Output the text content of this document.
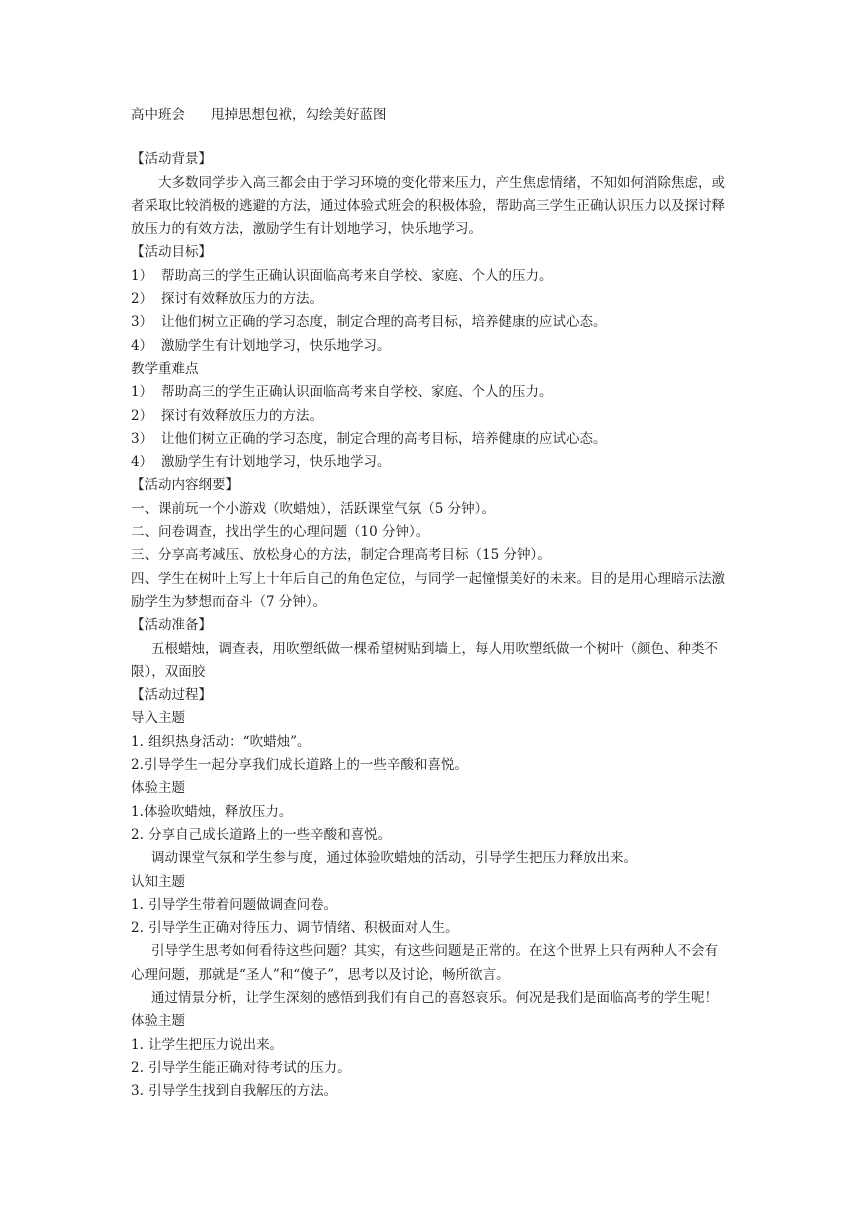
高中班会 甩掉思想包袱，勾绘美好蓝图

【活动背景】

大多数同学步入高三都会由于学习环境的变化带来压力，产生焦虑情绪，不知如何消除焦虑，或者采取比较消极的逃避的方法，通过体验式班会的积极体验，帮助高三学生正确认识压力以及探讨释放压力的有效方法，激励学生有计划地学习，快乐地学习。

【活动目标】

1） 帮助高三的学生正确认识面临高考来自学校、家庭、个人的压力。

2） 探讨有效释放压力的方法。

3） 让他们树立正确的学习态度，制定合理的高考目标，培养健康的应试心态。

4） 激励学生有计划地学习，快乐地学习。

教学重难点

1） 帮助高三的学生正确认识面临高考来自学校、家庭、个人的压力。

2） 探讨有效释放压力的方法。

3） 让他们树立正确的学习态度，制定合理的高考目标，培养健康的应试心态。

4） 激励学生有计划地学习，快乐地学习。

【活动内容纲要】

一、课前玩一个小游戏（吹蜡烛），活跃课堂气氛（5 分钟）。

二、问卷调查，找出学生的心理问题（10 分钟）。

三、分享高考减压、放松身心的方法，制定合理高考目标（15 分钟）。

四、学生在树叶上写上十年后自己的角色定位，与同学一起憧憬美好的未来。目的是用心理暗示法激励学生为梦想而奋斗（7 分钟）。

【活动准备】

五根蜡烛，调查表，用吹塑纸做一棵希望树贴到墙上，每人用吹塑纸做一个树叶（颜色、种类不限），双面胶

【活动过程】

导入主题

1. 组织热身活动：“吹蜡烛”。

2.引导学生一起分享我们成长道路上的一些辛酸和喜悦。

体验主题

1.体验吹蜡烛，释放压力。

2. 分享自己成长道路上的一些辛酸和喜悦。

调动课堂气氛和学生参与度，通过体验吹蜡烛的活动，引导学生把压力释放出来。

认知主题

1. 引导学生带着问题做调查问卷。

2. 引导学生正确对待压力、调节情绪、积极面对人生。

引导学生思考如何看待这些问题？其实，有这些问题是正常的。在这个世界上只有两种人不会有心理问题，那就是“圣人”和“傻子”，思考以及讨论，畅所欲言。

通过情景分析，让学生深刻的感悟到我们有自己的喜怒哀乐。何况是我们是面临高考的学生呢！

体验主题

1. 让学生把压力说出来。

2. 引导学生能正确对待考试的压力。

3. 引导学生找到自我解压的方法。
